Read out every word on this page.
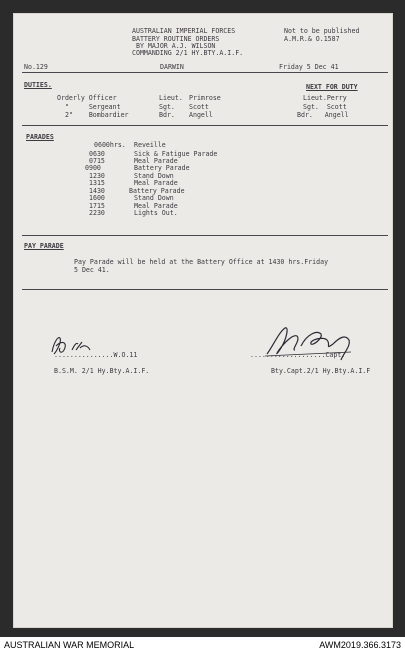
AUSTRALIAN IMPERIAL FORCES
BATTERY ROUTINE ORDERS
BY MAJOR A.J. WILSON
COMMANDING 2/1 HY.BTY.A.I.F.
Not to be published
A.M.R.& O.1587
No.129	DARWIN	Friday 5 Dec 41
DUTIES.	NEXT FOR DUTY
Orderly Officer	Lieut. Primrose	Lieut.Perry
"     Sergeant	Sgt. Scott	Sgt.  Scott
2"    Bombardier	Bdr. Angell	Bdr.   Angell
PARADES
0600hrs. Reveille
0630	Sick & Fatigue Parade
0715	Meal Parade
0900	Battery Parade
1230	Stand Down
1315	Meal Parade
1430	Battery Parade
1600	Stand Down
1715	Meal Parade
2230	Lights Out.
PAY PARADE
Pay Parade will be held at the Battery Office at 1430 hrs.Friday
5 Dec 41.
...............W.O.11
B.S.M. 2/1 Hy.Bty.A.I.F.
...................Capt.
Bty.Capt.2/1 Hy.Bty.A.I.F
AUSTRALIAN WAR MEMORIAL	AWM2019.366.3173
